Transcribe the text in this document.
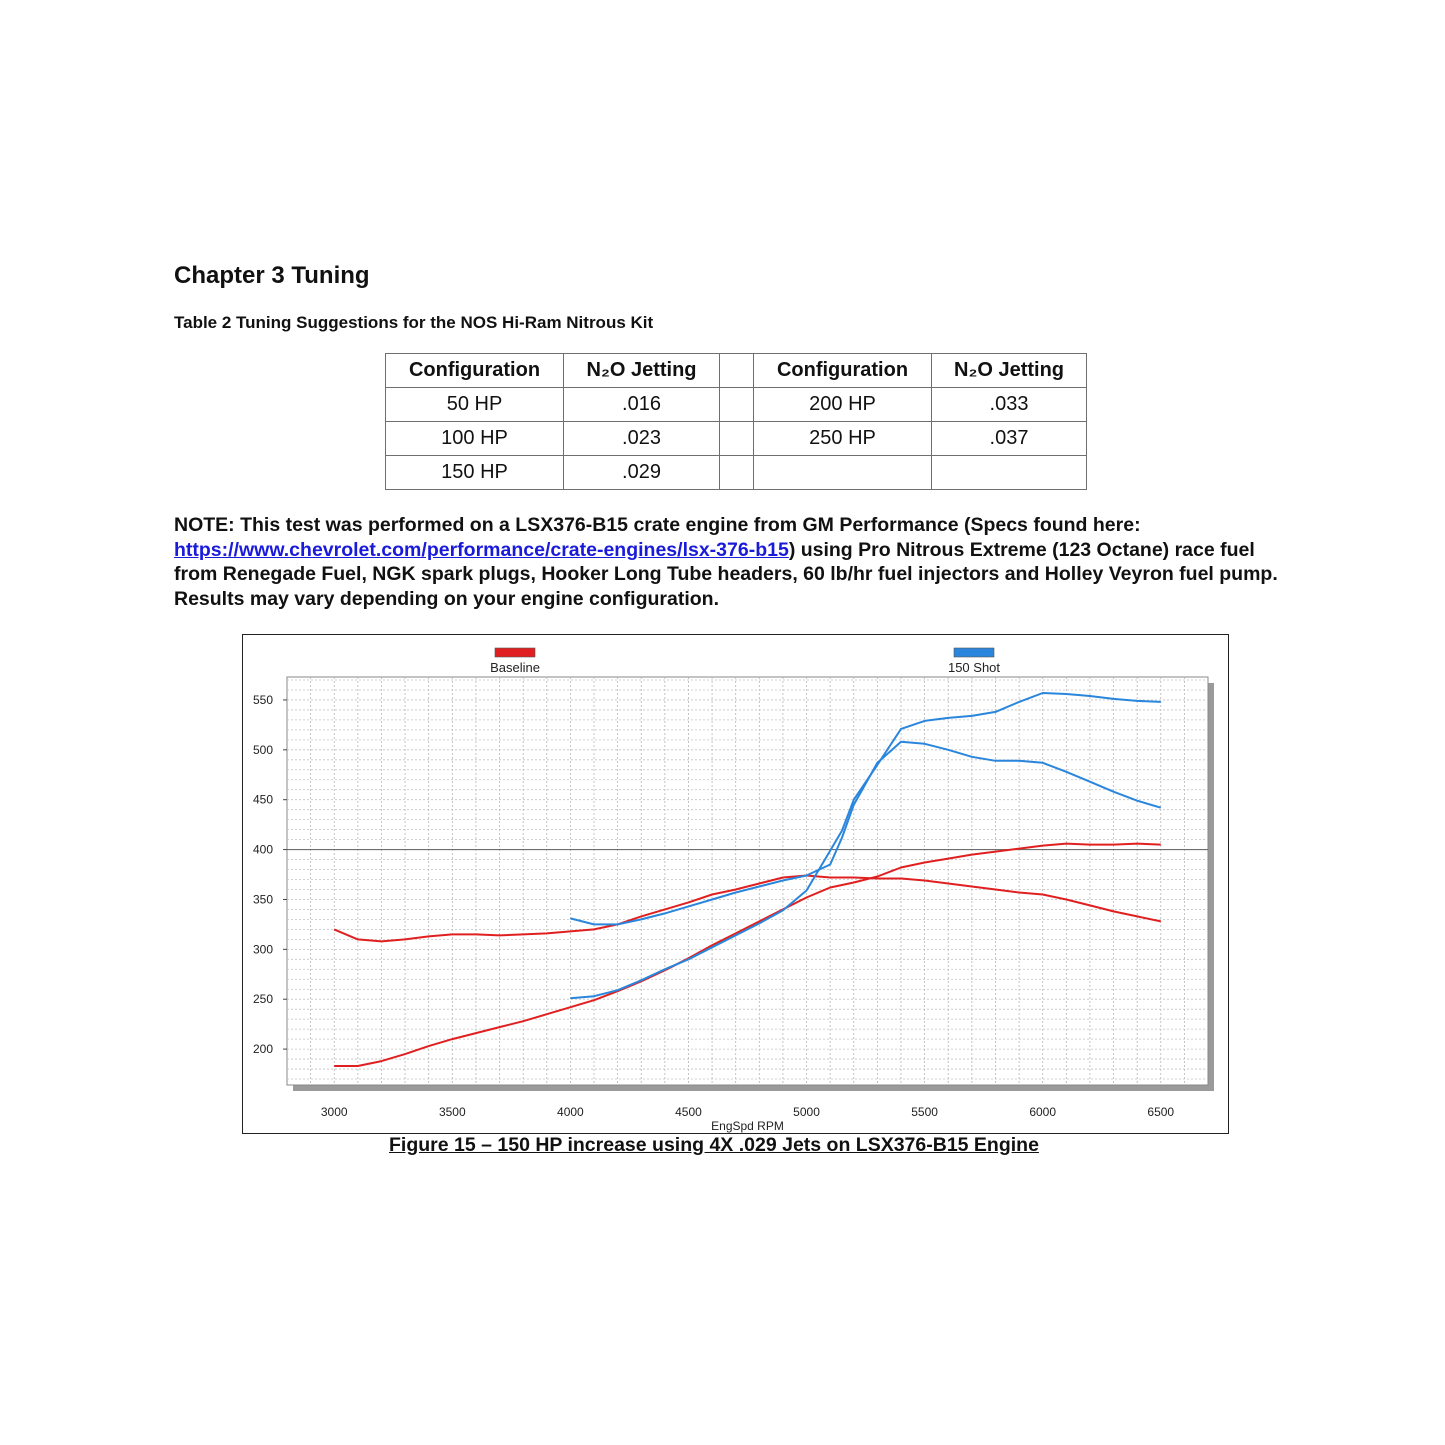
Chapter 3 Tuning
Table 2 Tuning Suggestions for the NOS Hi-Ram Nitrous Kit
Configuration	N₂O Jetting		Configuration	N₂O Jetting
50 HP	.016		200 HP	.033
100 HP	.023		250 HP	.037
150 HP	.029			

NOTE: This test was performed on a LSX376-B15 crate engine from GM Performance (Specs found here: https://www.chevrolet.com/performance/crate-engines/lsx-376-b15) using Pro Nitrous Extreme (123 Octane) race fuel from Renegade Fuel, NGK spark plugs, Hooker Long Tube headers, 60 lb/hr fuel injectors and Holley Veyron fuel pump. Results may vary depending on your engine configuration.

200
250
300
350
400
450
500
550
3000	3500	4000	4500	5000	5500	6000	6500
EngSpd RPM
Baseline	150 Shot
Figure 15 – 150 HP increase using 4X .029 Jets on LSX376-B15 Engine
